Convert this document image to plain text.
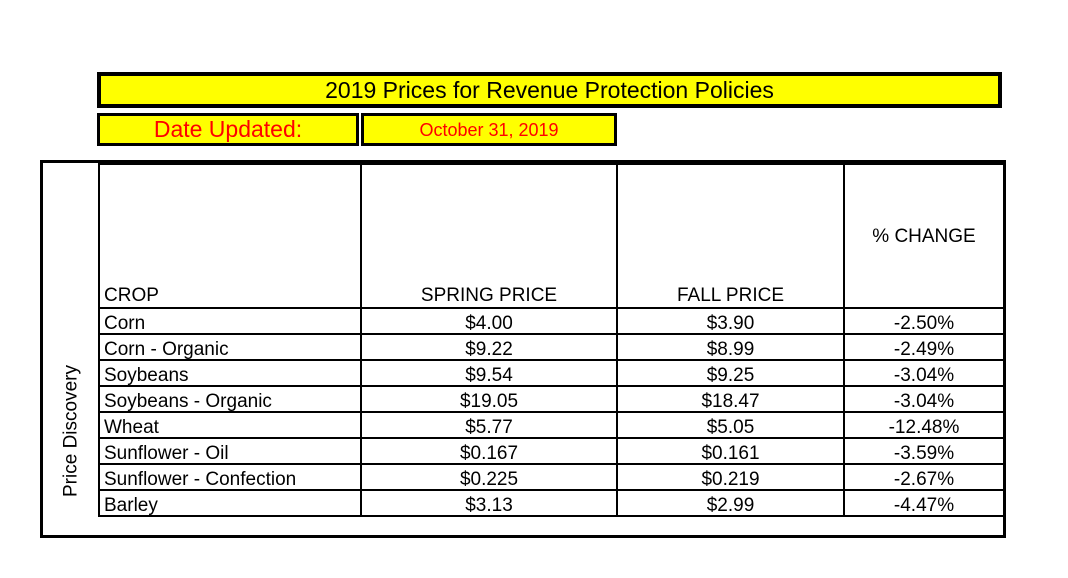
2019 Prices for Revenue Protection Policies
Date Updated:	October 31, 2019
Price Discovery
CROP	SPRING PRICE	FALL PRICE	% CHANGE
Corn	$4.00	$3.90	-2.50%
Corn - Organic	$9.22	$8.99	-2.49%
Soybeans	$9.54	$9.25	-3.04%
Soybeans - Organic	$19.05	$18.47	-3.04%
Wheat	$5.77	$5.05	-12.48%
Sunflower - Oil	$0.167	$0.161	-3.59%
Sunflower - Confection	$0.225	$0.219	-2.67%
Barley	$3.13	$2.99	-4.47%
